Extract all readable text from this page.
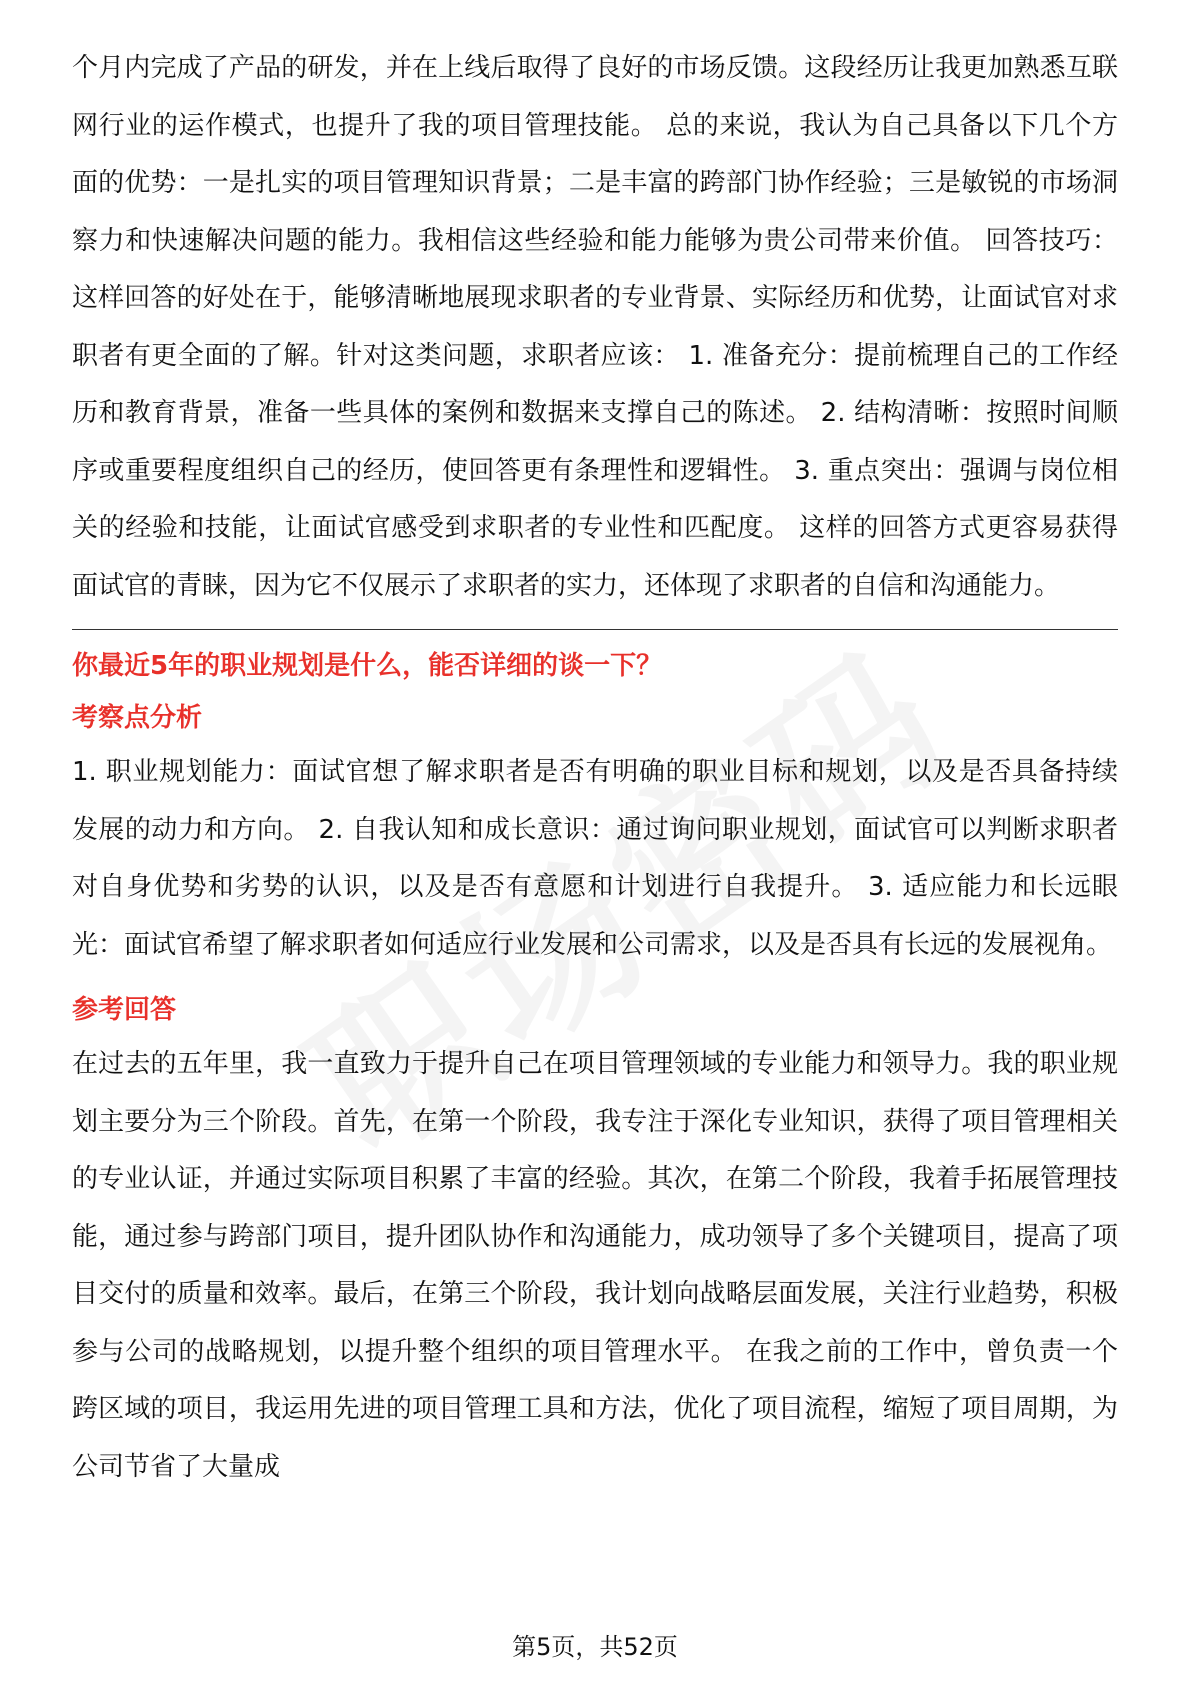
个月内完成了产品的研发，并在上线后取得了良好的市场反馈。这段经历让我更加熟悉互联网行业的运作模式，也提升了我的项目管理技能。 总的来说，我认为自己具备以下几个方面的优势：一是扎实的项目管理知识背景；二是丰富的跨部门协作经验；三是敏锐的市场洞察力和快速解决问题的能力。我相信这些经验和能力能够为贵公司带来价值。 回答技巧： 这样回答的好处在于，能够清晰地展现求职者的专业背景、实际经历和优势，让面试官对求职者有更全面的了解。针对这类问题，求职者应该： 1. 准备充分：提前梳理自己的工作经历和教育背景，准备一些具体的案例和数据来支撑自己的陈述。 2. 结构清晰：按照时间顺序或重要程度组织自己的经历，使回答更有条理性和逻辑性。 3. 重点突出：强调与岗位相关的经验和技能，让面试官感受到求职者的专业性和匹配度。 这样的回答方式更容易获得面试官的青睐，因为它不仅展示了求职者的实力，还体现了求职者的自信和沟通能力。

你最近5年的职业规划是什么，能否详细的谈一下？

考察点分析

1. 职业规划能力：面试官想了解求职者是否有明确的职业目标和规划，以及是否具备持续发展的动力和方向。 2. 自我认知和成长意识：通过询问职业规划，面试官可以判断求职者对自身优势和劣势的认识，以及是否有意愿和计划进行自我提升。 3. 适应能力和长远眼光：面试官希望了解求职者如何适应行业发展和公司需求，以及是否具有长远的发展视角。

参考回答

在过去的五年里，我一直致力于提升自己在项目管理领域的专业能力和领导力。我的职业规划主要分为三个阶段。首先，在第一个阶段，我专注于深化专业知识，获得了项目管理相关的专业认证，并通过实际项目积累了丰富的经验。其次，在第二个阶段，我着手拓展管理技能，通过参与跨部门项目，提升团队协作和沟通能力，成功领导了多个关键项目，提高了项目交付的质量和效率。最后，在第三个阶段，我计划向战略层面发展，关注行业趋势，积极参与公司的战略规划，以提升整个组织的项目管理水平。 在我之前的工作中，曾负责一个跨区域的项目，我运用先进的项目管理工具和方法，优化了项目流程，缩短了项目周期，为公司节省了大量成

第5页，共52页
